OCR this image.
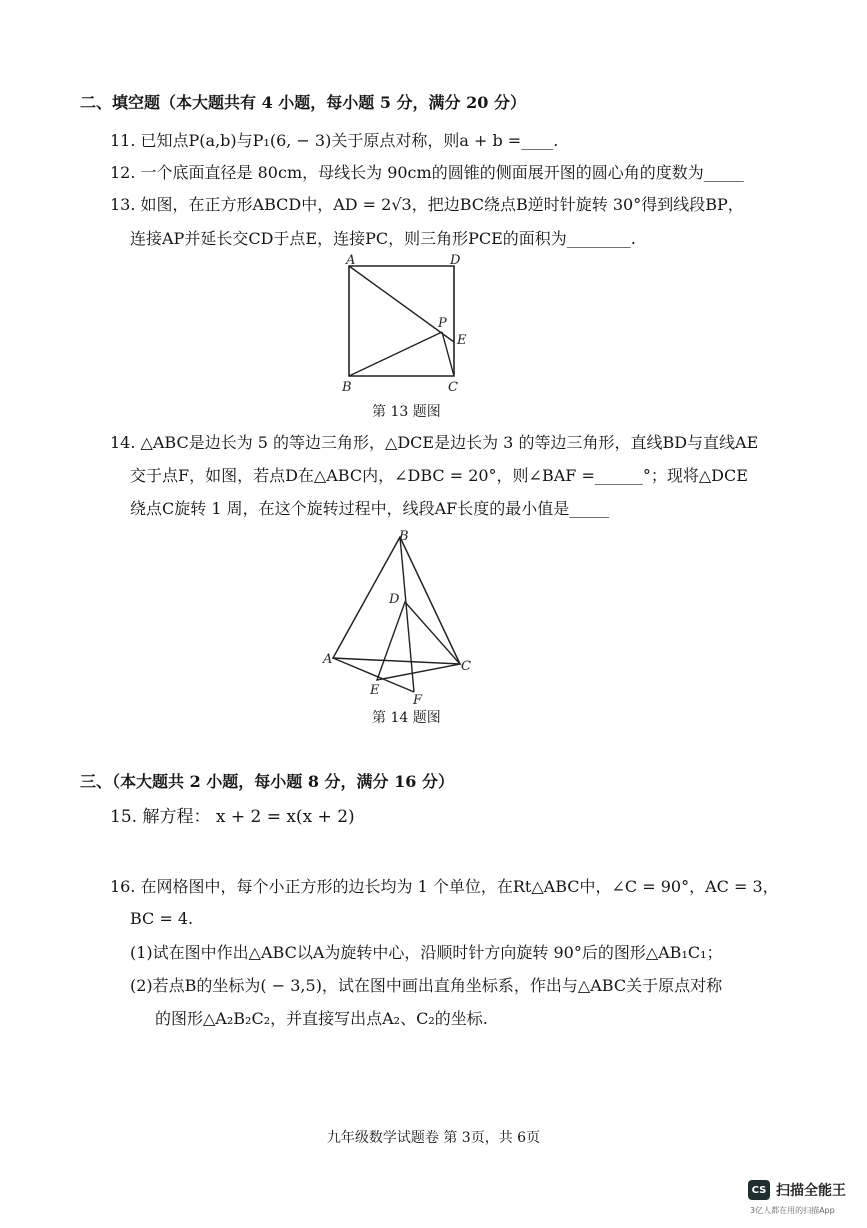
二、填空题（本大题共有 4 小题，每小题 5 分，满分 20 分）
11. 已知点P(a,b)与P₁(6, − 3)关于原点对称，则a + b =____.
12. 一个底面直径是 80cm，母线长为 90cm的圆锥的侧面展开图的圆心角的度数为_____
13. 如图，在正方形ABCD中，AD = 2√3，把边BC绕点B逆时针旋转 30°得到线段BP，
连接AP并延长交CD于点E，连接PC，则三角形PCE的面积为________.
A	D
P
E
B	C
第 13 题图
14. △ABC是边长为 5 的等边三角形，△DCE是边长为 3 的等边三角形，直线BD与直线AE
交于点F，如图，若点D在△ABC内，∠DBC = 20°，则∠BAF =______°；现将△DCE
绕点C旋转 1 周，在这个旋转过程中，线段AF长度的最小值是_____
B
D
A	C
E
F
第 14 题图
三、（本大题共 2 小题，每小题 8 分，满分 16 分）
15. 解方程： x + 2 = x(x + 2)
16. 在网格图中，每个小正方形的边长均为 1 个单位，在Rt△ABC中，∠C = 90°，AC = 3，
BC = 4.
(1)试在图中作出△ABC以A为旋转中心，沿顺时针方向旋转 90°后的图形△AB₁C₁；
(2)若点B的坐标为( − 3,5)，试在图中画出直角坐标系，作出与△ABC关于原点对称
的图形△A₂B₂C₂，并直接写出点A₂、C₂的坐标.
九年级数学试题卷 第 3页，共 6页
CS 扫描全能王
3亿人都在用的扫描App
